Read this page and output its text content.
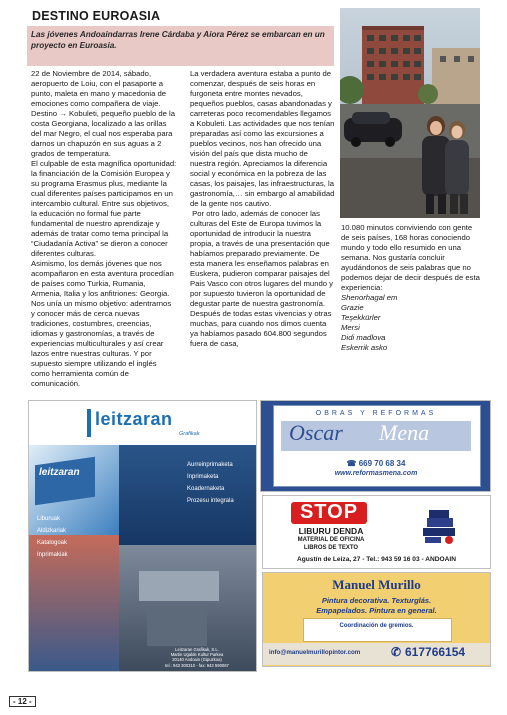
DESTINO EUROASIA
Las jóvenes Andoaindarras Irene Cárdaba y Aiora Pérez se embarcan en un proyecto en Euroasia.

22 de Noviembre de 2014, sábado, aeropuerto de Loiu, con el pasaporte a punto, maleta en mano y macedonia de emociones como compañera de viaje. Destino → Kobuleti, pequeño pueblo de la costa Georgiana, localizado a las orillas del mar Negro, el cual nos esperaba para darnos un chapuzón en sus aguas a 2 grados de temperatura.

El culpable de esta magnífica oportunidad: la financiación de la Comisión Europea y su programa Erasmus plus, mediante la cual diferentes países participamos en un intercambio cultural. Entre sus objetivos, la educación no formal fue parte fundamental de nuestro aprendizaje y además de tratar como tema principal la “Ciudadanía Activa” se dieron a conocer diferentes culturas.

Asimismo, los demás jóvenes que nos acompañaron en esta aventura procedían de países como Turkia, Rumania, Armenia, Italia y los anfitriones: Georgia. Nos unía un mismo objetivo: adentrarnos y conocer más de cerca nuevas tradiciones, costumbres, creencias, idiomas y gastronomías, a través de experiencias multiculturales y así crear lazos entre nuestras culturas. Y por supuesto siempre utilizando el inglés como herramienta común de comunicación.

La verdadera aventura estaba a punto de comenzar, después de seis horas en furgoneta entre montes nevados, pequeños pueblos, casas abandonadas y carreteras poco recomendables llegamos a Kobuleti. Las actividades que nos tenían preparadas así como las excursiones a pueblos vecinos, nos han ofrecido una visión del país que dista mucho de nuestra región. Apreciamos la diferencia social y económica en la pobreza de las casas, los paisajes, las infraestructuras, la gastronomía,… sin embargo al amabilidad de la gente nos cautivo.

Por otro lado, además de conocer las culturas del Este de Europa tuvimos la oportunidad de introducir la nuestra propia, a través de una presentación que habíamos preparado previamente. De esta manera les enseñamos palabras en Euskera, pudieron comparar paisajes del Pais Vasco con otros lugares del mundo y por supuesto tuvieron la oportunidad de degustar parte de nuestra gastronomía.

Después de todas estas vivencias y otras muchas, para cuando nos dimos cuenta ya habíamos pasado 604.800 segundos fuera de casa,

10.080 minutos conviviendo con gente de seis países, 168 horas conociendo mundo y todo ello resumido en una semana. Nos gustaría concluir ayudándonos de seis palabras que no podemos dejar de decir después de esta experiencia:

Shenorhagal em

Grazie

Teşekkürler

Mersi

Didi madlova

Eskerrik asko

leitzaran
Grafikak
leitzaran
Aurreinprimaketa
Inprimaketa
Koadernaketa
Prozesu integrala
Liburuak
Aldizkariak
Katalogoak
Inprimakiak
Leitzaran Grafikak, S.L.
Martin Ugalde Kultur Parkea
20140 Andoain (Gipuzkoa)
tel.: 943 300310 - fax: 943 590067
OBRAS Y REFORMAS
Oscar Mena
☎ 669 70 68 34
www.reformasmena.com
STOP
LIBURU DENDA
MATERIAL DE OFICINA
LIBROS DE TEXTO
Agustín de Leiza, 27 - Tel.: 943 59 16 03 - ANDOAIN
Manuel Murillo
Pintura decorativa. Texturglás.
Empapelados. Pintura en general.
Coordinación de gremios.
info@manuelmurillopintor.com	✆ 617766154
- 12 -
